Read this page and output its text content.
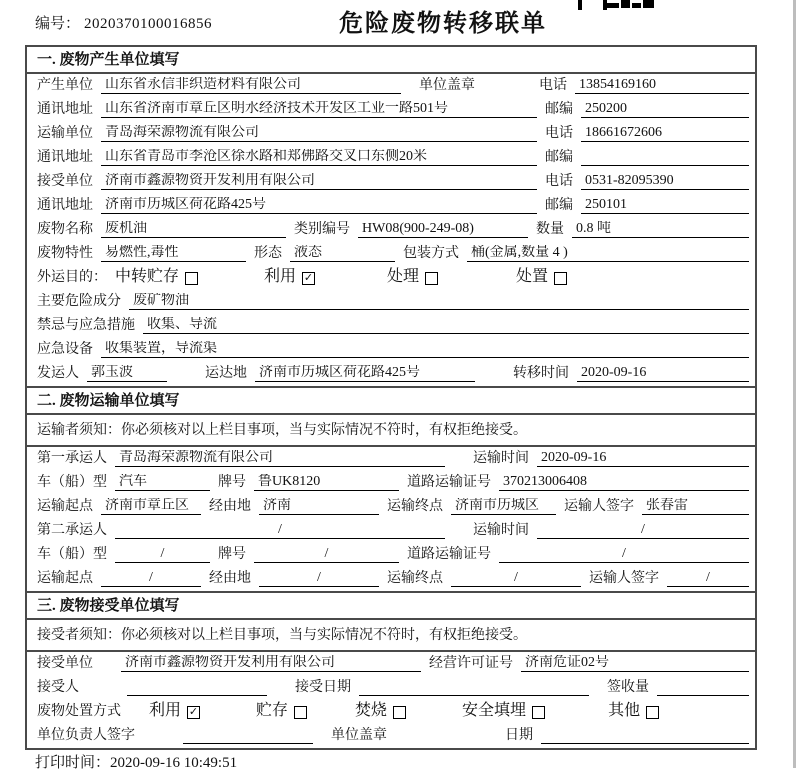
编号： 2020370100016856	危险废物转移联单
一. 废物产生单位填写
产生单位 山东省永信非织造材料有限公司	单位盖章	电话 13854169160
通讯地址 山东省济南市章丘区明水经济技术开发区工业一路501号	邮编 250200
运输单位 青岛海荣源物流有限公司	电话 18661672606
通讯地址 山东省青岛市李沧区徐水路和郑佛路交叉口东侧20米	邮编
接受单位 济南市鑫源物资开发利用有限公司	电话 0531-82095390
通讯地址 济南市历城区荷花路425号	邮编 250101
废物名称 废机油	类别编号 HW08(900-249-08)	数量 0.8 吨
废物特性 易燃性,毒性	形态 液态	包装方式 桶(金属,数量 4 )
外运目的： 中转贮存	利用 ✓	处理	处置
主要危险成分 废矿物油
禁忌与应急措施 收集、导流
应急设备 收集装置，导流渠
发运人 郭玉波	运达地 济南市历城区荷花路425号	转移时间 2020-09-16
二. 废物运输单位填写
运输者须知：你必须核对以上栏目事项，当与实际情况不符时，有权拒绝接受。
第一承运人 青岛海荣源物流有限公司	运输时间 2020-09-16
车（船）型 汽车	牌号 鲁UK8120	道路运输证号 370213006408
运输起点 济南市章丘区	经由地 济南	运输终点 济南市历城区	运输人签字 张春雷
第二承运人	/	运输时间	/
车（船）型	/	牌号	/	道路运输证号	/
运输起点	/	经由地	/	运输终点	/	运输人签字	/
三. 废物接受单位填写
接受者须知：你必须核对以上栏目事项，当与实际情况不符时，有权拒绝接受。
接受单位 济南市鑫源物资开发利用有限公司	经营许可证号 济南危证02号
接受人	接受日期	签收量
废物处置方式 利用 ✓	贮存	焚烧	安全填埋	其他
单位负责人签字	单位盖章	日期
打印时间：2020-09-16 10:49:51
